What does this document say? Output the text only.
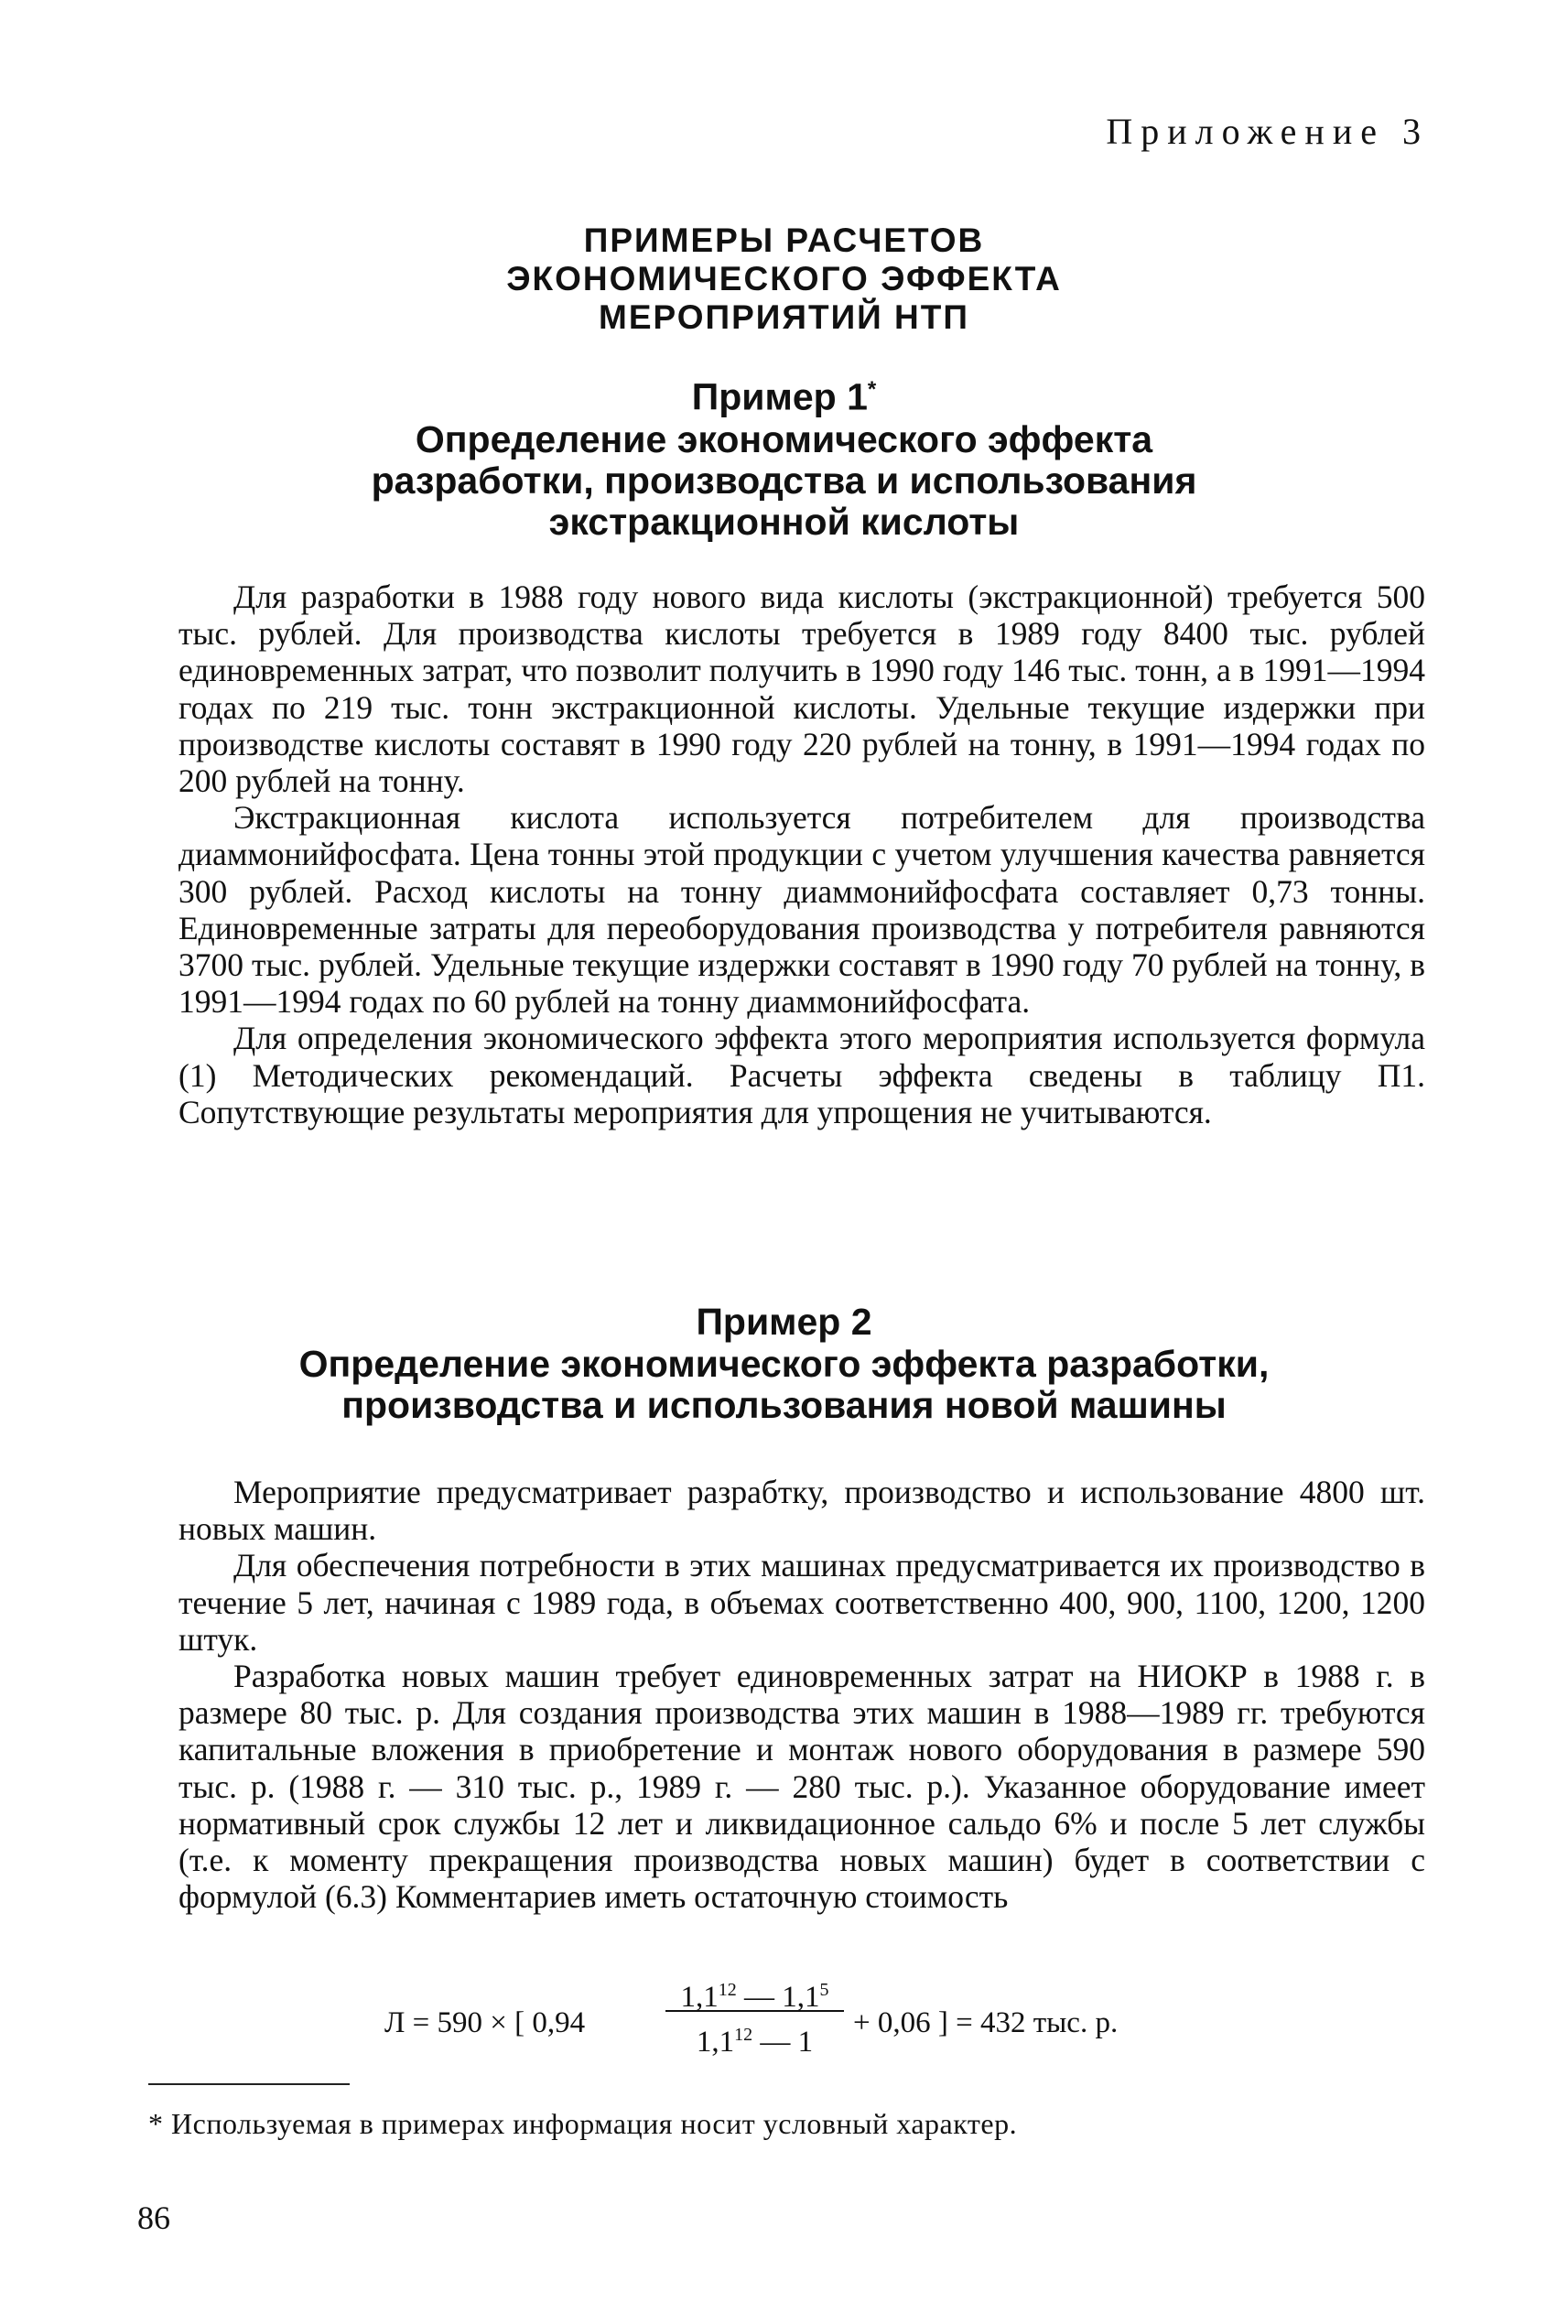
Приложение 3
ПРИМЕРЫ РАСЧЕТОВ
ЭКОНОМИЧЕСКОГО ЭФФЕКТА
МЕРОПРИЯТИЙ НТП
Пример 1*
Определение экономического эффекта
разработки, производства и использования
экстракционной кислоты

Для разработки в 1988 году нового вида кислоты (экстракционной) требуется 500 тыс. рублей. Для производства кислоты требуется в 1989 году 8400 тыс. рублей единовременных затрат, что позволит получить в 1990 году 146 тыс. тонн, а в 1991—1994 годах по 219 тыс. тонн экстракционной кислоты. Удельные текущие издержки при производстве кислоты составят в 1990 году 220 рублей на тонну, в 1991—1994 годах по 200 рублей на тонну.

Экстракционная кислота используется потребителем для производства диаммонийфосфата. Цена тонны этой продукции с учетом улучшения качества равняется 300 рублей. Расход кислоты на тонну диаммонийфосфата составляет 0,73 тонны. Единовременные затраты для переоборудования производства у потребителя равняются 3700 тыс. рублей. Удельные текущие издержки составят в 1990 году 70 рублей на тонну, в 1991—1994 годах по 60 рублей на тонну диаммонийфосфата.

Для определения экономического эффекта этого мероприятия используется формула (1) Методических рекомендаций. Расчеты эффекта сведены в таблицу П1. Сопутствующие результаты мероприятия для упрощения не учитываются.

Пример 2
Определение экономического эффекта разработки,
производства и использования новой машины

Мероприятие предусматривает разрабтку, производство и использование 4800 шт. новых машин.

Для обеспечения потребности в этих машинах предусматривается их производство в течение 5 лет, начиная с 1989 года, в объемах соответственно 400, 900, 1100, 1200, 1200 штук.

Разработка новых машин требует единовременных затрат на НИОКР в 1988 г. в размере 80 тыс. р. Для создания производства этих машин в 1988—1989 гг. требуются капитальные вложения в приобретение и монтаж нового оборудования в размере 590 тыс. р. (1988 г. — 310 тыс. р., 1989 г. — 280 тыс. р.). Указанное оборудование имеет нормативный срок службы 12 лет и ликвидационное сальдо 6% и после 5 лет службы (т.е. к моменту прекращения производства новых машин) будет в соответствии с формулой (6.3) Комментариев иметь остаточную стоимость

Л = 590 × [ 0,94
$1,1^{12}$ — $1,1^5$
$1,1^{12}$ — 1
+ 0,06 ] = 432 тыс. р.
* Используемая в примерах информация носит условный характер.
86
